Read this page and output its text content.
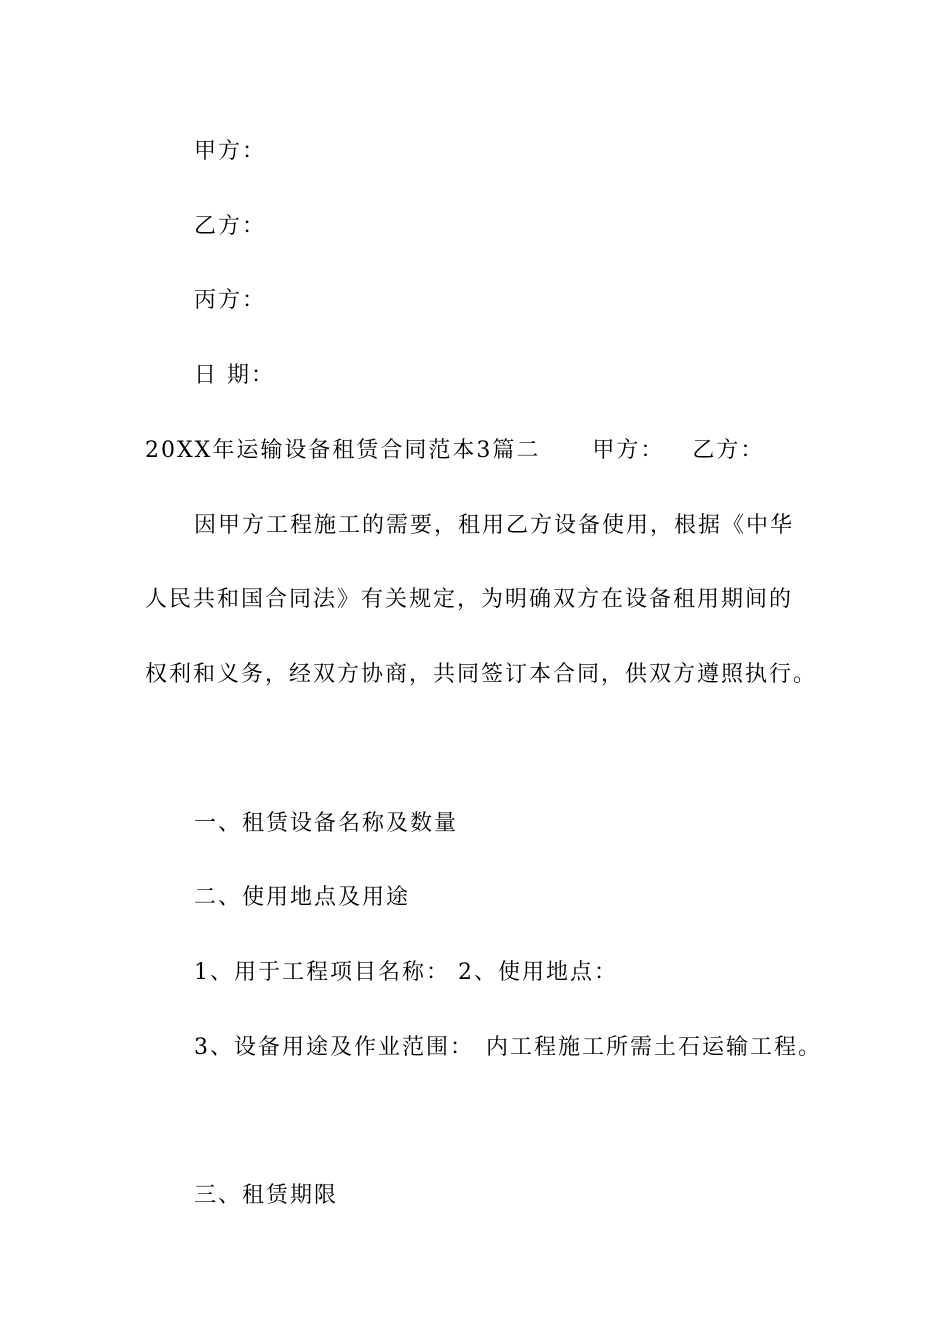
甲方：
乙方：
丙方：
日 期：
20XX年运输设备租赁合同范本3篇二 甲方： 乙方：
因甲方工程施工的需要，租用乙方设备使用，根据《中华
人民共和国合同法》有关规定，为明确双方在设备租用期间的
权利和义务，经双方协商，共同签订本合同，供双方遵照执行。
一、租赁设备名称及数量
二、使用地点及用途
1、用于工程项目名称： 2、使用地点：
3、设备用途及作业范围： 内工程施工所需土石运输工程。
三、租赁期限
